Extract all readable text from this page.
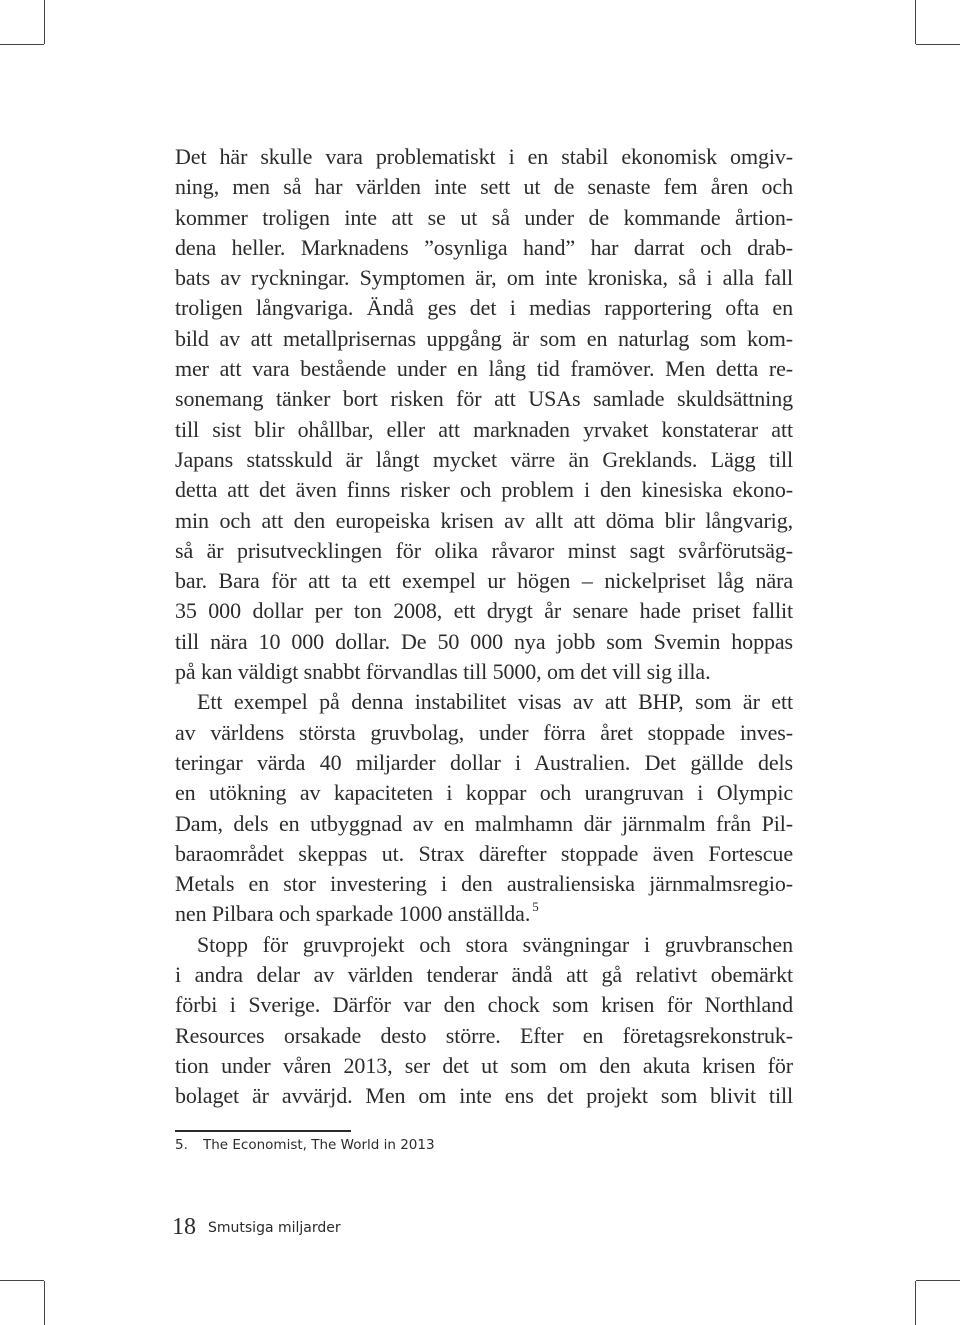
Det här skulle vara problematiskt i en stabil ekonomisk omgiv-
ning, men så har världen inte sett ut de senaste fem åren och
kommer troligen inte att se ut så under de kommande årtion-
dena heller. Marknadens ”osynliga hand” har darrat och drab-
bats av ryckningar. Symptomen är, om inte kroniska, så i alla fall
troligen långvariga. Ändå ges det i medias rapportering ofta en
bild av att metallprisernas uppgång är som en naturlag som kom-
mer att vara bestående under en lång tid framöver. Men detta re-
sonemang tänker bort risken för att USAs samlade skuldsättning
till sist blir ohållbar, eller att marknaden yrvaket konstaterar att
Japans statsskuld är långt mycket värre än Greklands. Lägg till
detta att det även finns risker och problem i den kinesiska ekono-
min och att den europeiska krisen av allt att döma blir långvarig,
så är prisutvecklingen för olika råvaror minst sagt svårförutsäg-
bar. Bara för att ta ett exempel ur högen – nickelpriset låg nära
35 000 dollar per ton 2008, ett drygt år senare hade priset fallit
till nära 10 000 dollar. De 50 000 nya jobb som Svemin hoppas
på kan väldigt snabbt förvandlas till 5000, om det vill sig illa.
Ett exempel på denna instabilitet visas av att BHP, som är ett
av världens största gruvbolag, under förra året stoppade inves-
teringar värda 40 miljarder dollar i Australien. Det gällde dels
en utökning av kapaciteten i koppar och urangruvan i Olympic
Dam, dels en utbyggnad av en malmhamn där järnmalm från Pil-
baraområdet skeppas ut. Strax därefter stoppade även Fortescue
Metals en stor investering i den australiensiska järnmalmsregio-
nen Pilbara och sparkade 1000 anställda. $^5$
Stopp för gruvprojekt och stora svängningar i gruvbranschen
i andra delar av världen tenderar ändå att gå relativt obemärkt
förbi i Sverige. Därför var den chock som krisen för Northland
Resources orsakade desto större. Efter en företagsrekonstruk-
tion under våren 2013, ser det ut som om den akuta krisen för
bolaget är avvärjd. Men om inte ens det projekt som blivit till
5. The Economist, The World in 2013
18 Smutsiga miljarder
